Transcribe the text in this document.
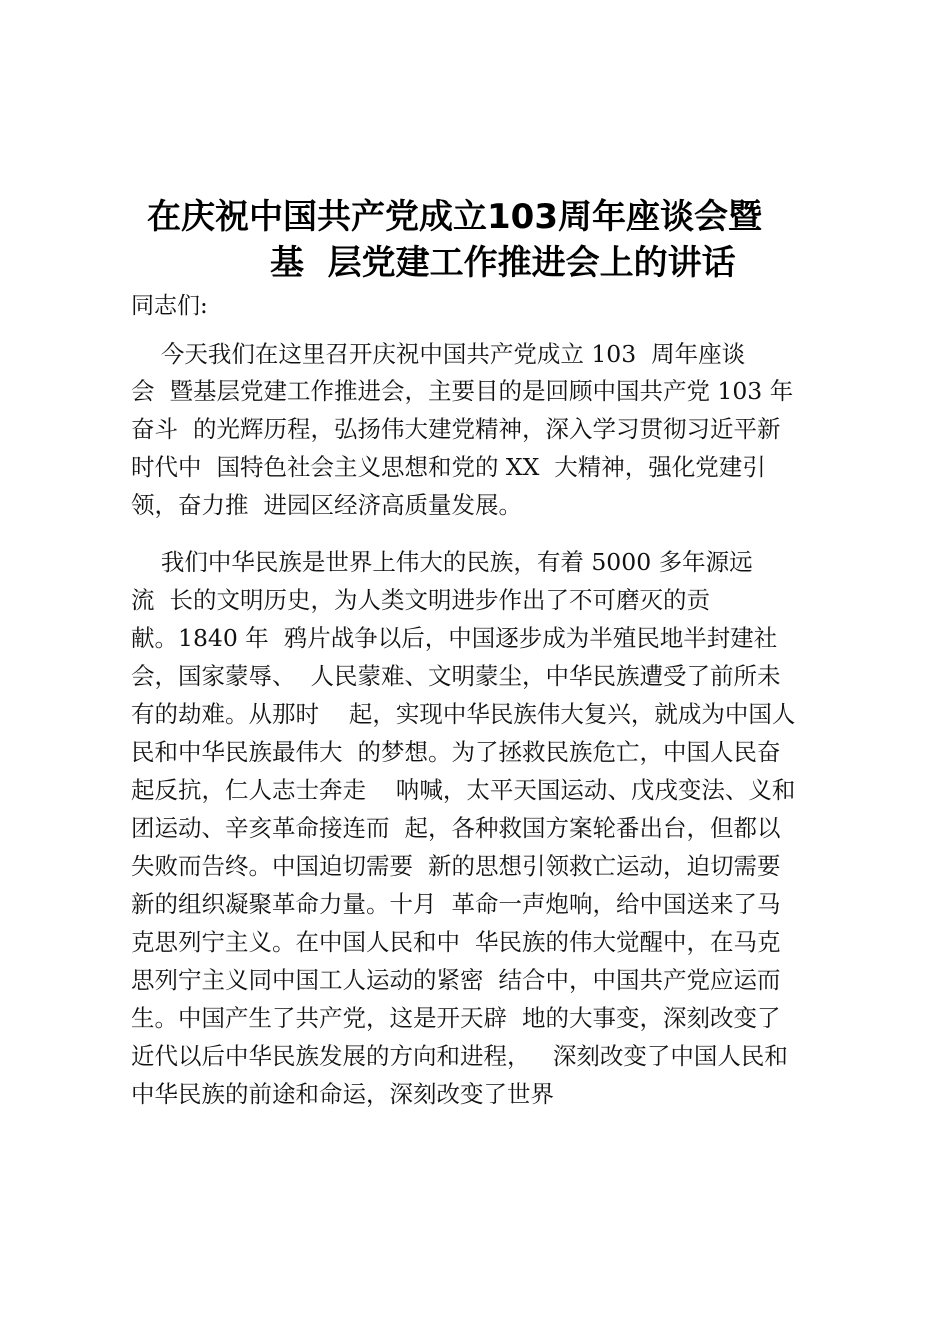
在庆祝中国共产党成立103周年座谈会暨
基  层党建工作推进会上的讲话
同志们:
今天我们在这里召开庆祝中国共产党成立 103  周年座谈
会  暨基层党建工作推进会，主要目的是回顾中国共产党 103 年
奋斗  的光辉历程，弘扬伟大建党精神，深入学习贯彻习近平新
时代中  国特色社会主义思想和党的 XX  大精神，强化党建引
领，奋力推  进园区经济高质量发展。
我们中华民族是世界上伟大的民族，有着 5000 多年源远
流  长的文明历史，为人类文明进步作出了不可磨灭的贡
献。1840 年  鸦片战争以后，中国逐步成为半殖民地半封建社
会，国家蒙辱、  人民蒙难、文明蒙尘，中华民族遭受了前所未
有的劫难。从那时    起，实现中华民族伟大复兴，就成为中国人
民和中华民族最伟大  的梦想。为了拯救民族危亡，中国人民奋
起反抗，仁人志士奔走    呐喊，太平天国运动、戊戌变法、义和
团运动、辛亥革命接连而  起，各种救国方案轮番出台，但都以
失败而告终。中国迫切需要  新的思想引领救亡运动，迫切需要
新的组织凝聚革命力量。十月  革命一声炮响，给中国送来了马
克思列宁主义。在中国人民和中  华民族的伟大觉醒中，在马克
思列宁主义同中国工人运动的紧密  结合中，中国共产党应运而
生。中国产生了共产党，这是开天辟  地的大事变，深刻改变了
近代以后中华民族发展的方向和进程，   深刻改变了中国人民和
中华民族的前途和命运，深刻改变了世界
